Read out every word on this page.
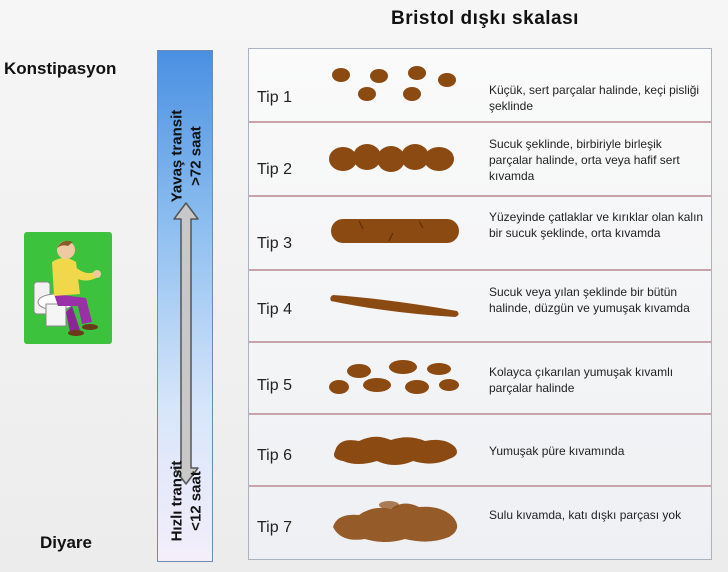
Bristol dışkı skalası
Konstipasyon
Diyare
Yavaş transit >72 saat
Hızlı transit <12 saat
Tip 1	Küçük, sert parçalar halinde, keçi pisliği şeklinde
Tip 2
Sucuk şeklinde, birbiriyle birleşik parçalar halinde, orta veya hafif sert kıvamda
Tip 3
Yüzeyinde çatlaklar ve kırıklar olan kalın bir sucuk şeklinde, orta kıvamda
Tip 4
Sucuk veya yılan şeklinde bir bütün halinde, düzgün ve yumuşak kıvamda
Tip 5
Kolayca çıkarılan yumuşak kıvamlı parçalar halinde
Tip 6	Yumuşak püre kıvamında
Tip 7
Sulu kıvamda, katı dışkı parçası yok
